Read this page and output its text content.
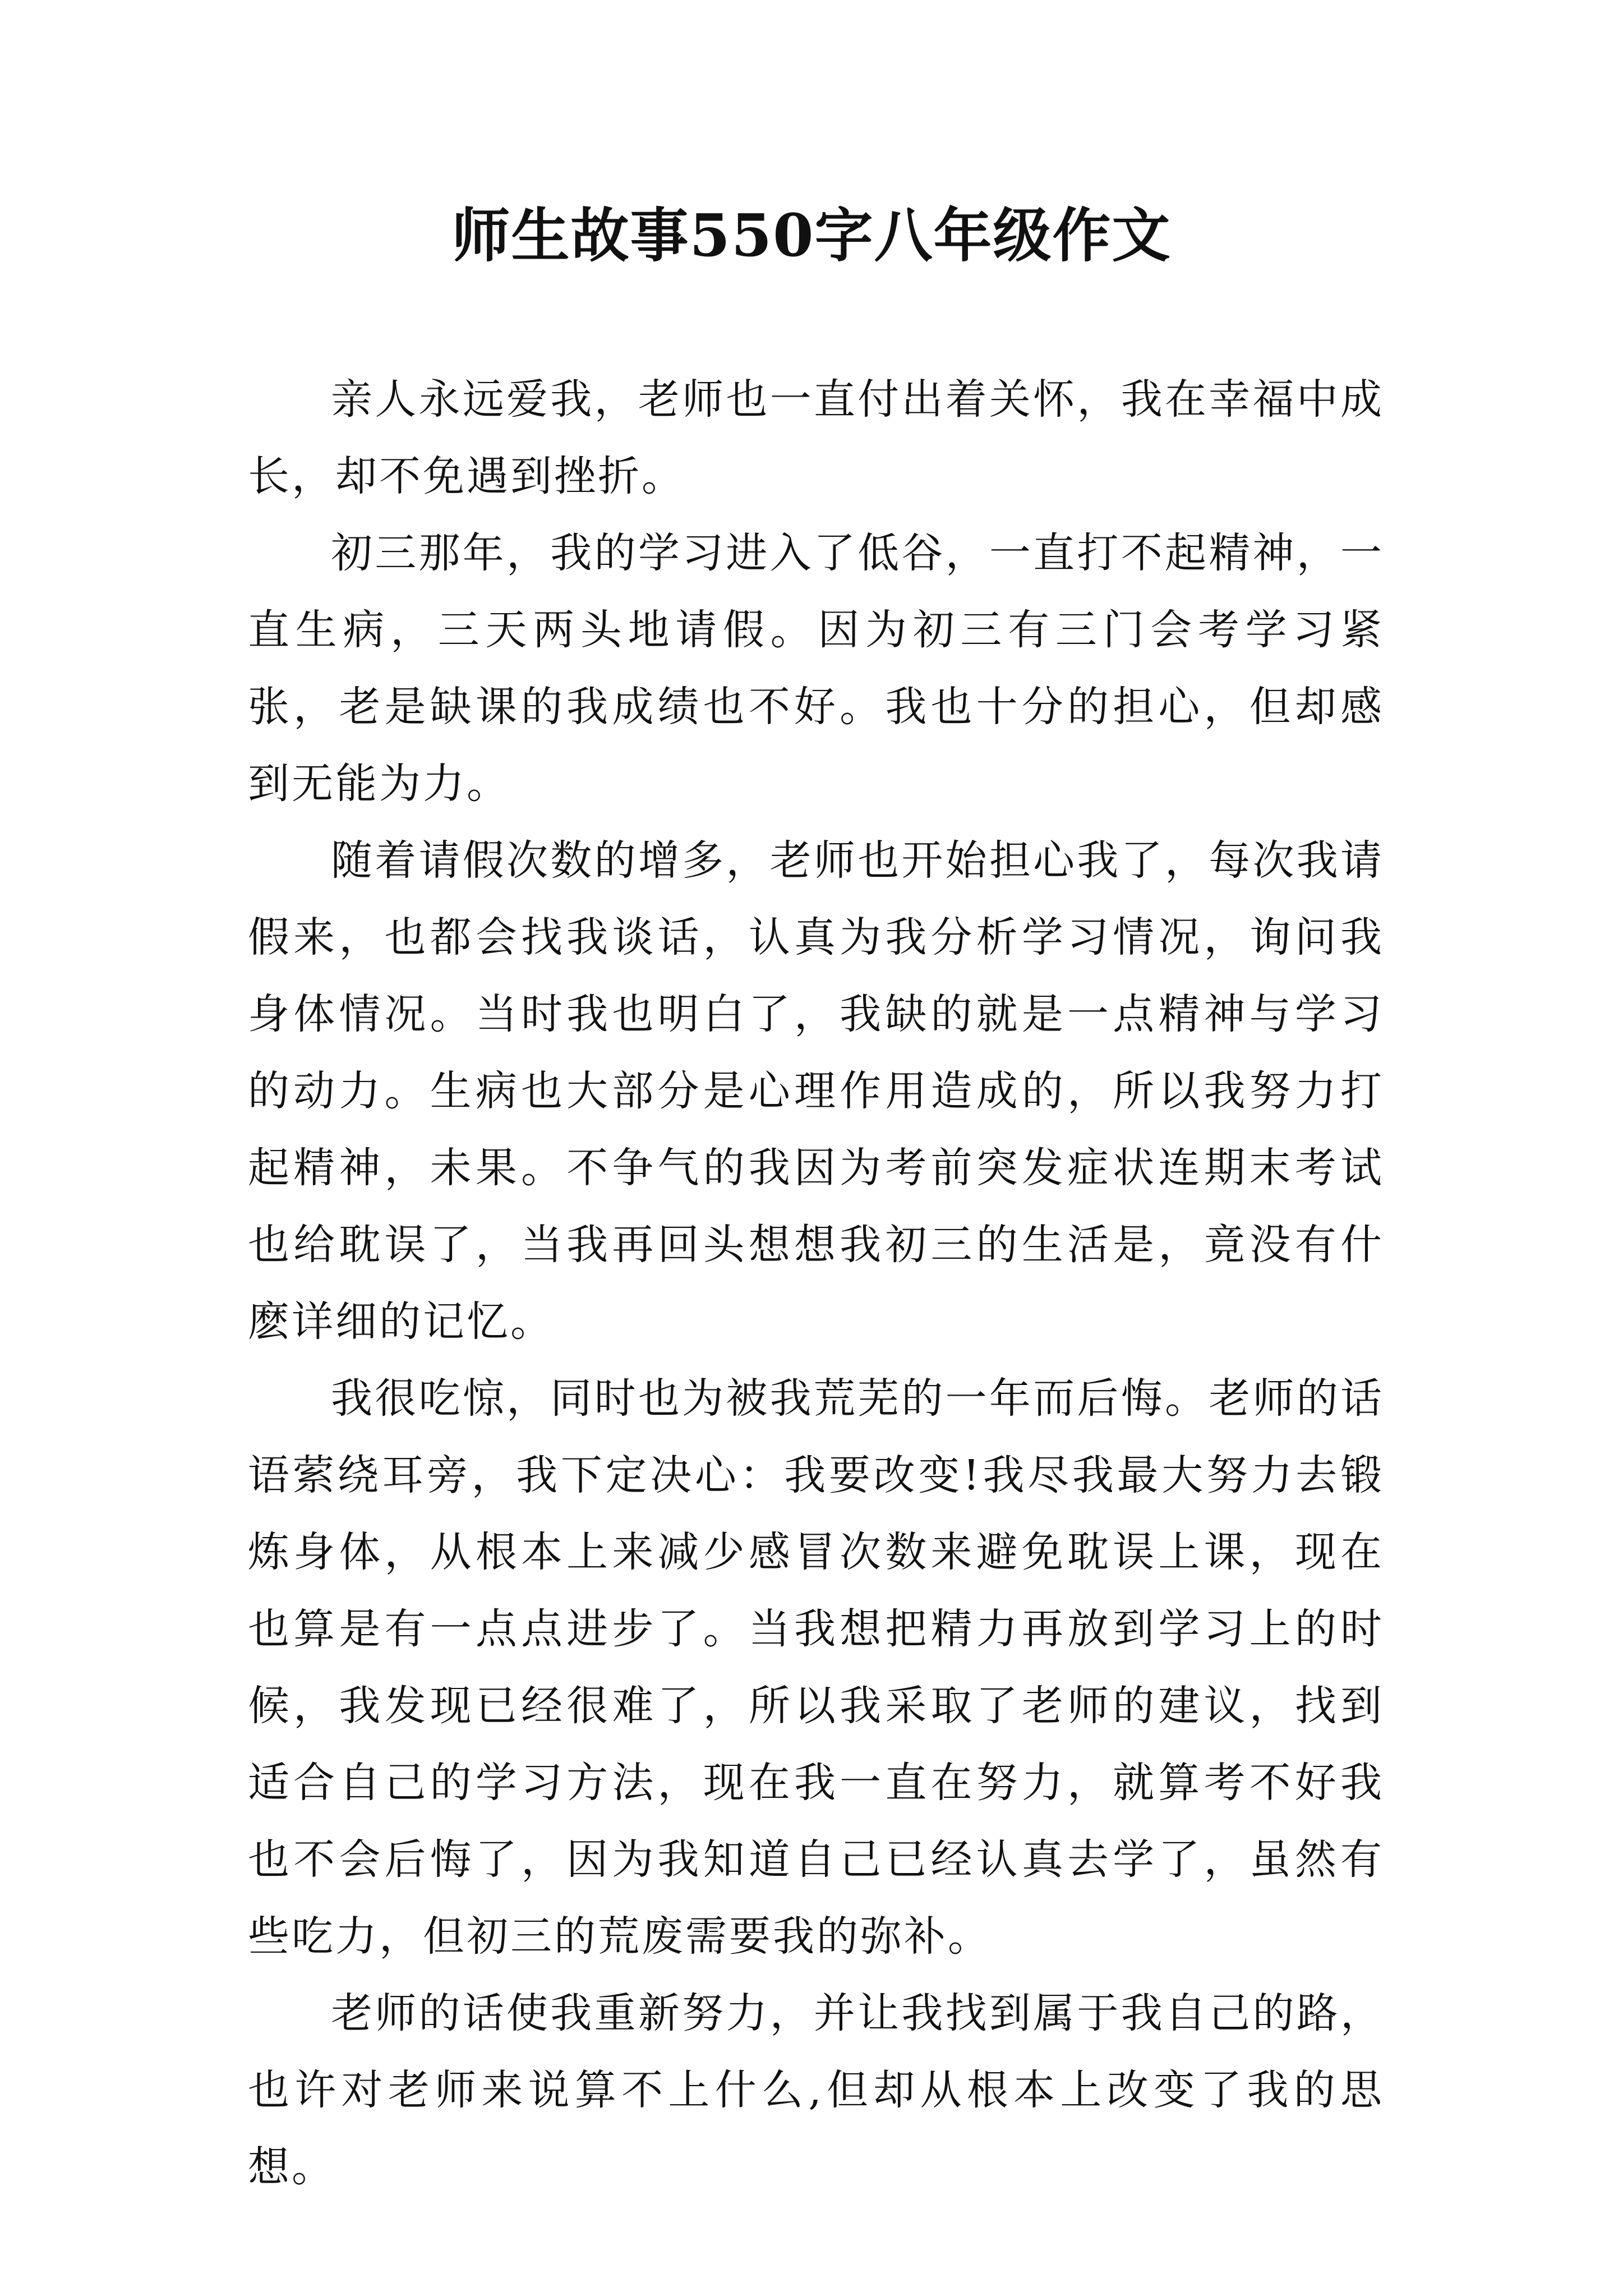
师生故事550字八年级作文

亲人永远爱我，老师也一直付出着关怀，我在幸福中成长，却不免遇到挫折。

初三那年，我的学习进入了低谷，一直打不起精神，一直生病，三天两头地请假。因为初三有三门会考学习紧张，老是缺课的我成绩也不好。我也十分的担心，但却感到无能为力。

随着请假次数的增多，老师也开始担心我了，每次我请假来，也都会找我谈话，认真为我分析学习情况，询问我身体情况。当时我也明白了，我缺的就是一点精神与学习的动力。生病也大部分是心理作用造成的，所以我努力打起精神，未果。不争气的我因为考前突发症状连期末考试也给耽误了，当我再回头想想我初三的生活是，竟没有什麽详细的记忆。

我很吃惊，同时也为被我荒芜的一年而后悔。老师的话语萦绕耳旁，我下定决心：我要改变!我尽我最大努力去锻炼身体，从根本上来减少感冒次数来避免耽误上课，现在也算是有一点点进步了。当我想把精力再放到学习上的时候，我发现已经很难了，所以我采取了老师的建议，找到适合自己的学习方法，现在我一直在努力，就算考不好我也不会后悔了，因为我知道自己已经认真去学了，虽然有些吃力，但初三的荒废需要我的弥补。

老师的话使我重新努力，并让我找到属于我自己的路，也许对老师来说算不上什么,但却从根本上改变了我的思想。
